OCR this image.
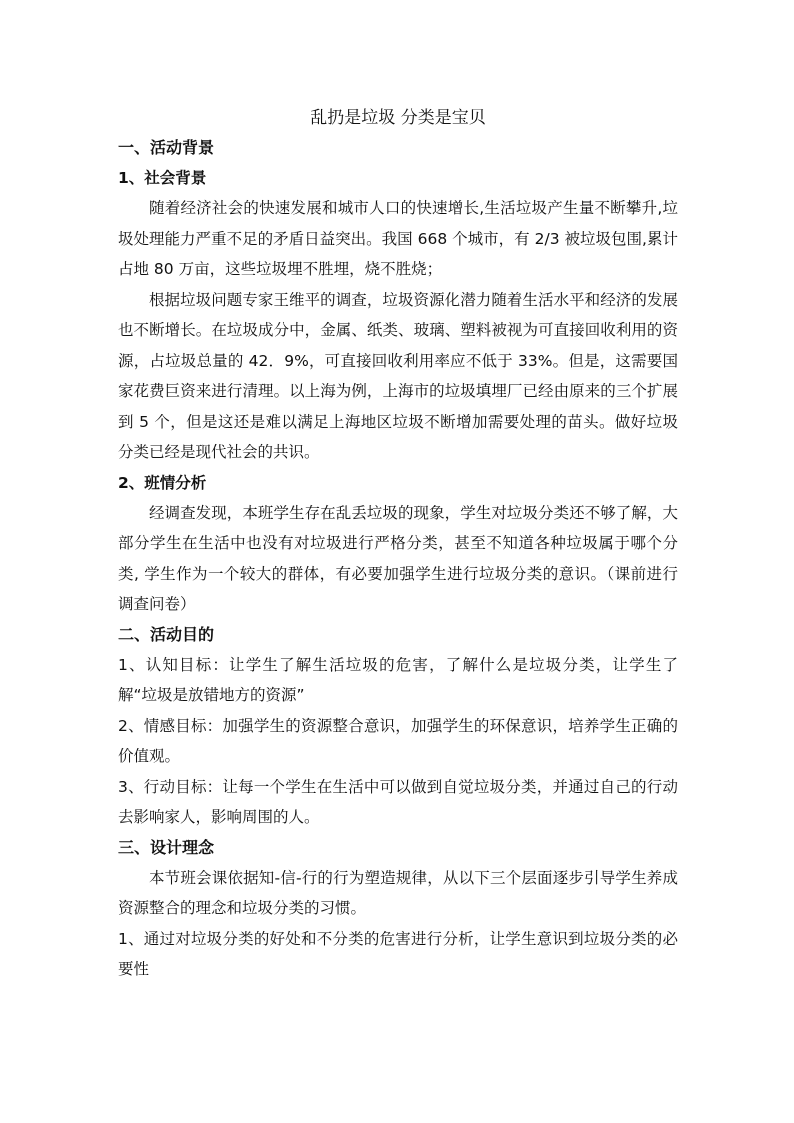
乱扔是垃圾 分类是宝贝

一、活动背景

1、社会背景

随着经济社会的快速发展和城市人口的快速增长,生活垃圾产生量不断攀升,垃圾处理能力严重不足的矛盾日益突出。我国 668 个城市，有 2/3 被垃圾包围,累计占地 80 万亩，这些垃圾埋不胜埋，烧不胜烧；

根据垃圾问题专家王维平的调查，垃圾资源化潜力随着生活水平和经济的发展也不断增长。在垃圾成分中，金属、纸类、玻璃、塑料被视为可直接回收利用的资源，占垃圾总量的 42．9%，可直接回收利用率应不低于 33%。但是，这需要国家花费巨资来进行清理。以上海为例，上海市的垃圾填埋厂已经由原来的三个扩展到 5 个，但是这还是难以满足上海地区垃圾不断增加需要处理的苗头。做好垃圾分类已经是现代社会的共识。

2、班情分析

经调查发现，本班学生存在乱丢垃圾的现象，学生对垃圾分类还不够了解，大部分学生在生活中也没有对垃圾进行严格分类，甚至不知道各种垃圾属于哪个分类, 学生作为一个较大的群体，有必要加强学生进行垃圾分类的意识。（课前进行调查问卷）

二、活动目的

1、认知目标：让学生了解生活垃圾的危害，了解什么是垃圾分类，让学生了解“垃圾是放错地方的资源”

2、情感目标：加强学生的资源整合意识，加强学生的环保意识，培养学生正确的价值观。

3、行动目标：让每一个学生在生活中可以做到自觉垃圾分类，并通过自己的行动去影响家人，影响周围的人。

三、设计理念

本节班会课依据知-信-行的行为塑造规律，从以下三个层面逐步引导学生养成资源整合的理念和垃圾分类的习惯。

1、通过对垃圾分类的好处和不分类的危害进行分析，让学生意识到垃圾分类的必要性
